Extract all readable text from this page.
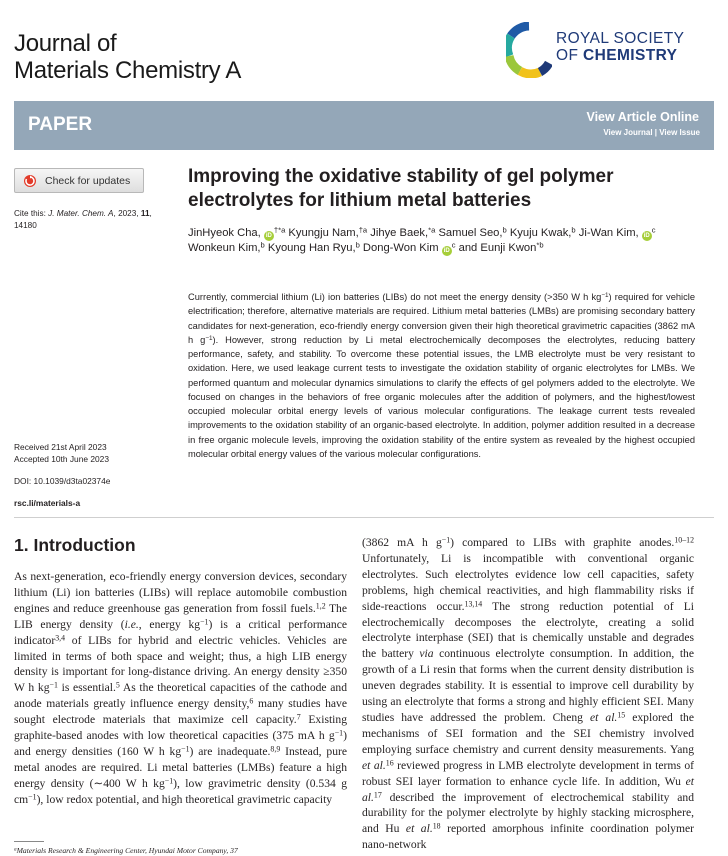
Journal of
Materials Chemistry A
ROYAL SOCIETY
OF CHEMISTRY
PAPER	View Article Online
View Journal | View Issue
Check for updates
Cite this: J. Mater. Chem. A, 2023, 11, 14180
Improving the oxidative stability of gel polymer electrolytes for lithium metal batteries
JinHyeok Cha, $iD^{\dagger*a}$ Kyungju Nam,$^{\dagger a}$ Jihye Baek,$^{*a}$ Samuel Seo,$^b$ Kyuju Kwak,$^b$ Ji-Wan Kim, $iD^c$ Wonkeun Kim,$^b$ Kyoung Han Ryu,$^b$ Dong-Won Kim $iD^c$ and Eunji Kwon$^{*b}$
Currently, commercial lithium (Li) ion batteries (LIBs) do not meet the energy density (>350 W h $kg^{-1}$) required for vehicle electrification; therefore, alternative materials are required. Lithium metal batteries (LMBs) are promising secondary battery candidates for next-generation, eco-friendly energy conversion given their high theoretical gravimetric capacities (3862 mA h $g^{-1}$). However, strong reduction by Li metal electrochemically decomposes the electrolytes, reducing battery performance, safety, and stability. To overcome these potential issues, the LMB electrolyte must be very resistant to oxidation. Here, we used leakage current tests to investigate the oxidation stability of organic electrolytes for LMBs. We performed quantum and molecular dynamics simulations to clarify the effects of gel polymers added to the electrolyte. We focused on changes in the behaviors of free organic molecules after the addition of polymers, and the highest/lowest occupied molecular orbital energy levels of various molecular configurations. The leakage current tests revealed improvements to the oxidation stability of an organic-based electrolyte. In addition, polymer addition resulted in a decrease in free organic molecule levels, improving the oxidation stability of the entire system as revealed by the highest occupied molecular orbital energy values of the various molecular configurations.
Received 21st April 2023
Accepted 10th June 2023
DOI: 10.1039/d3ta02374e
rsc.li/materials-a
1. Introduction
As next-generation, eco-friendly energy conversion devices, secondary lithium (Li) ion batteries (LIBs) will replace automobile combustion engines and reduce greenhouse gas generation from fossil fuels.$^{1,2}$ The LIB energy density (i.e., energy $kg^{-1}$) is a critical performance indicator$^{3,4}$ of LIBs for hybrid and electric vehicles. Vehicles are limited in terms of both space and weight; thus, a high LIB energy density is important for long-distance driving. An energy density ≥350 W h $kg^{-1}$ is essential.$^5$ As the theoretical capacities of the cathode and anode materials greatly influence energy density,$^6$ many studies have sought electrode materials that maximize cell capacity.$^7$ Existing graphite-based anodes with low theoretical capacities (375 mA h $g^{-1}$) and energy densities (160 W h $kg^{-1}$) are inadequate.$^{8,9}$ Instead, pure metal anodes are required. Li metal batteries (LMBs) feature a high energy density (∼400 W h $kg^{-1}$), low gravimetric density (0.534 g $cm^{-1}$), low redox potential, and high theoretical gravimetric capacity
(3862 mA h $g^{-1}$) compared to LIBs with graphite anodes.$^{10-12}$ Unfortunately, Li is incompatible with conventional organic electrolytes. Such electrolytes evidence low cell capacities, safety problems, high chemical reactivities, and high flammability risks if side-reactions occur.$^{13,14}$ The strong reduction potential of Li electrochemically decomposes the electrolyte, creating a solid electrolyte interphase (SEI) that is chemically unstable and degrades the battery via continuous electrolyte consumption. In addition, the growth of a Li resin that forms when the current density distribution is uneven degrades stability. It is essential to improve cell durability by using an electrolyte that forms a strong and highly efficient SEI. Many studies have addressed the problem. Cheng et al.$^{15}$ explored the mechanisms of SEI formation and the SEI chemistry involved employing surface chemistry and current density measurements. Yang et al.$^{16}$ reviewed progress in LMB electrolyte development in terms of robust SEI layer formation to enhance cycle life. In addition, Wu et al.$^{17}$ described the improvement of electrochemical stability and durability for the polymer electrolyte by highly stacking microsphere, and Hu et al.$^{18}$ reported amorphous infinite coordination polymer nano-network
$^a$Materials Research & Engineering Center, Hyundai Motor Company, 37
